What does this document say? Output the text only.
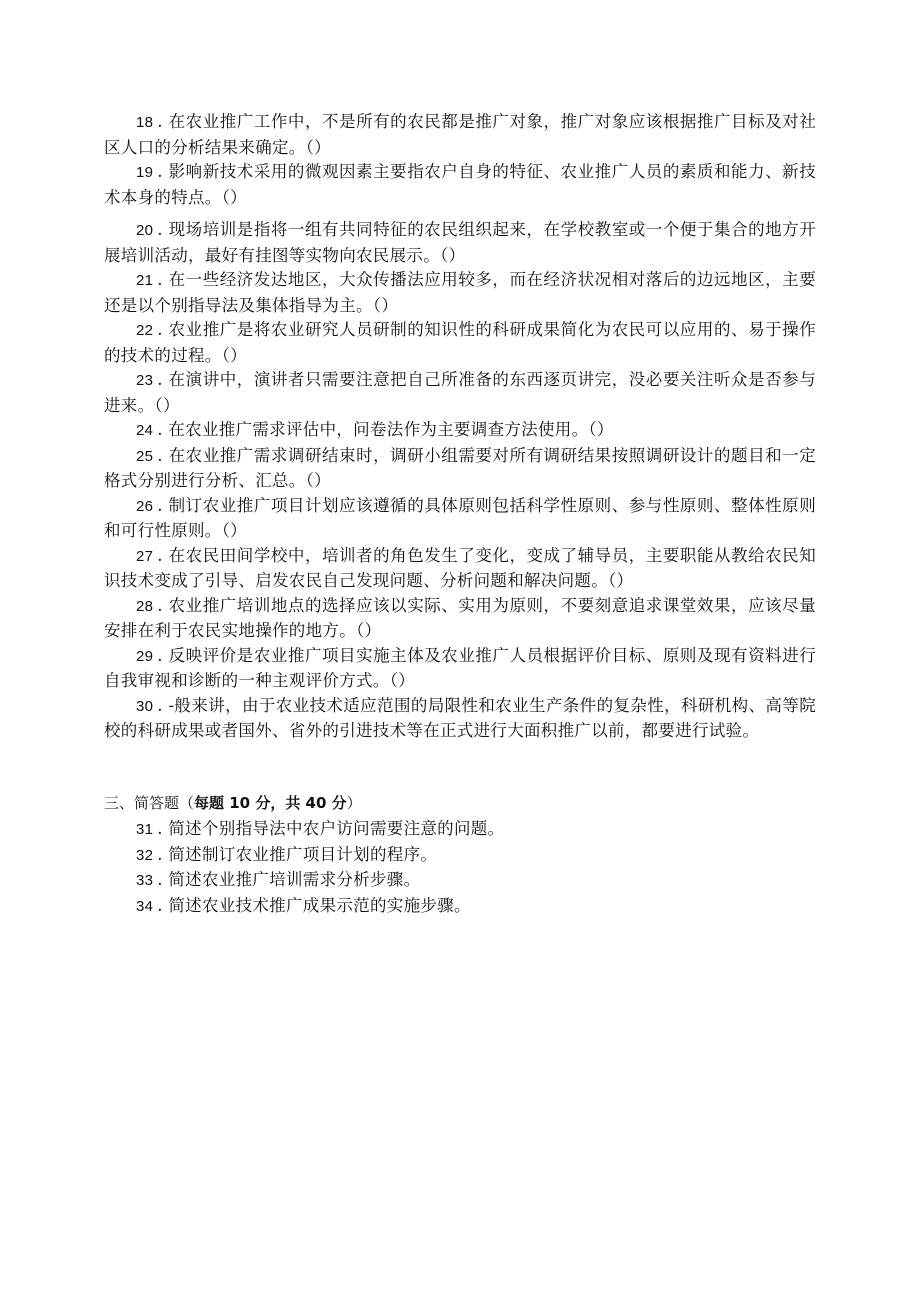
18 . 在农业推广工作中，不是所有的农民都是推广对象，推广对象应该根据推广目标及对社区人口的分析结果来确定。（）

19 . 影响新技术采用的微观因素主要指农户自身的特征、农业推广人员的素质和能力、新技术本身的特点。（）

20 . 现场培训是指将一组有共同特征的农民组织起来，在学校教室或一个便于集合的地方开展培训活动，最好有挂图等实物向农民展示。（）

21 . 在一些经济发达地区，大众传播法应用较多，而在经济状况相对落后的边远地区，主要还是以个别指导法及集体指导为主。（）

22 . 农业推广是将农业研究人员研制的知识性的科研成果简化为农民可以应用的、易于操作的技术的过程。（）

23 . 在演讲中，演讲者只需要注意把自己所准备的东西逐页讲完，没必要关注听众是否参与进来。（）

24 . 在农业推广需求评估中，问卷法作为主要调查方法使用。（）

25 . 在农业推广需求调研结束时，调研小组需要对所有调研结果按照调研设计的题目和一定格式分别进行分析、汇总。（）

26 . 制订农业推广项目计划应该遵循的具体原则包括科学性原则、参与性原则、整体性原则和可行性原则。（）

27 . 在农民田间学校中，培训者的角色发生了变化，变成了辅导员，主要职能从教给农民知识技术变成了引导、启发农民自己发现问题、分析问题和解决问题。（）

28 . 农业推广培训地点的选择应该以实际、实用为原则，不要刻意追求课堂效果，应该尽量安排在利于农民实地操作的地方。（）

29 . 反映评价是农业推广项目实施主体及农业推广人员根据评价目标、原则及现有资料进行自我审视和诊断的一种主观评价方式。（）

30 . -般来讲，由于农业技术适应范围的局限性和农业生产条件的复杂性，科研机构、高等院校的科研成果或者国外、省外的引进技术等在正式进行大面积推广以前，都要进行试验。

三、简答题（每题 10 分，共 40 分）

31 . 简述个别指导法中农户访问需要注意的问题。

32 . 简述制订农业推广项目计划的程序。

33 . 简述农业推广培训需求分析步骤。

34 . 简述农业技术推广成果示范的实施步骤。
